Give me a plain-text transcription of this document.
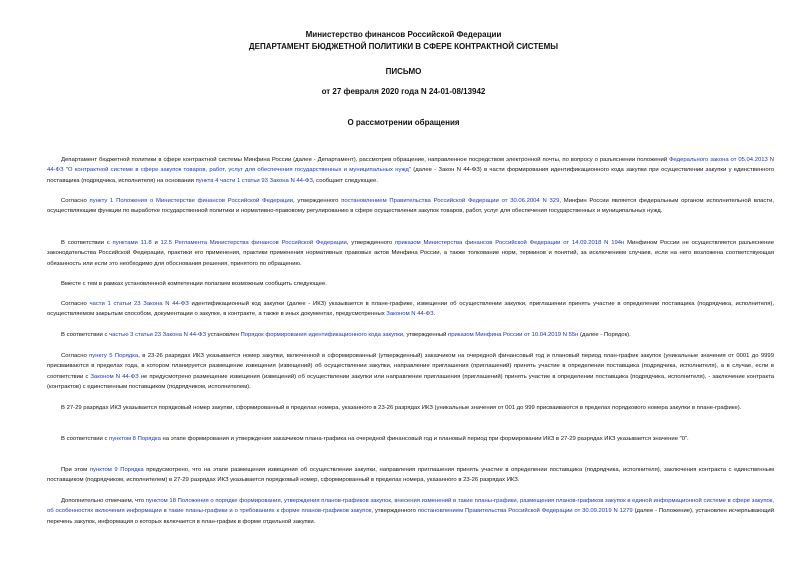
Министерство финансов Российской Федерации
ДЕПАРТАМЕНТ БЮДЖЕТНОЙ ПОЛИТИКИ В СФЕРЕ КОНТРАКТНОЙ СИСТЕМЫ
ПИСЬМО
от 27 февраля 2020 года N 24-01-08/13942
О рассмотрении обращения

Департамент бюджетной политики в сфере контрактной системы Минфина России (далее - Департамент), рассмотрев обращение, направленное посредством электронной почты, по вопросу о разъяснении положений Федерального закона от 05.04.2013 N 44-ФЗ "О контрактной системе в сфере закупок товаров, работ, услуг для обеспечения государственных и муниципальных нужд" (далее - Закон N 44-ФЗ) в части формирования идентификационного кода закупки при осуществлении закупки у единственного поставщика (подрядчика, исполнителя) на основании пункта 4 части 1 статьи 93 Закона N 44-ФЗ, сообщает следующее.

Согласно пункту 1 Положения о Министерстве финансов Российской Федерации, утвержденного постановлением Правительства Российской Федерации от 30.06.2004 N 329, Минфин России является федеральным органом исполнительной власти, осуществляющим функции по выработке государственной политики и нормативно-правовому регулированию в сфере осуществления закупок товаров, работ, услуг для обеспечения государственных и муниципальных нужд.

В соответствии с пунктами 11.8 и 12.5 Регламента Министерства финансов Российской Федерации, утвержденного приказом Министерства финансов Российской Федерации от 14.09.2018 N 194н Минфином России не осуществляется разъяснение законодательства Российской Федерации, практики его применения, практики применения нормативных правовых актов Минфина России, а также толкование норм, терминов и понятий, за исключением случаев, если на него возложена соответствующая обязанность или если это необходимо для обоснования решения, принятого по обращению.

Вместе с тем в рамках установленной компетенции полагаем возможным сообщить следующее.

Согласно части 1 статьи 23 Закона N 44-ФЗ идентификационный код закупки (далее - ИКЗ) указывается в плане-графике, извещении об осуществлении закупки, приглашении принять участие в определении поставщика (подрядчика, исполнителя), осуществляемом закрытым способом, документации о закупке, в контракте, а также в иных документах, предусмотренных Законом N 44-ФЗ.

В соответствии с частью 3 статьи 23 Закона N 44-ФЗ установлен Порядок формирования идентификационного кода закупки, утвержденный приказом Минфина России от 10.04.2019 N 55н (далее - Порядок).

Согласно пункту 5 Порядка, в 23-26 разрядах ИКЗ указывается номер закупки, включенной в сформированный (утвержденный) заказчиком на очередной финансовый год и плановый период план-график закупок (уникальные значения от 0001 до 9999 присваиваются в пределах года, в котором планируется размещение извещения (извещений) об осуществлении закупки, направление приглашения (приглашений) принять участие в определении поставщика (подрядчика, исполнителя), а в случае, если в соответствии с Законом N 44-ФЗ не предусмотрено размещение извещения (извещений) об осуществлении закупки или направление приглашения (приглашений) принять участие в определении поставщика (подрядчика, исполнителя), - заключение контракта (контрактов) с единственным поставщиком (подрядчиком, исполнителем).

В 27-29 разрядах ИКЗ указывается порядковый номер закупки, сформированный в пределах номера, указанного в 23-26 разрядах ИКЗ (уникальные значения от 001 до 999 присваиваются в пределах порядкового номера закупки в плане-графике).

В соответствии с пунктом 8 Порядка на этапе формирования и утверждения заказчиком плана-графика на очередной финансовый год и плановый период при формировании ИКЗ в 27-29 разрядах ИКЗ указывается значение "0".

При этом пунктом 9 Порядка предусмотрено, что на этапе размещения извещения об осуществлении закупки, направления приглашения принять участие в определении поставщика (подрядчика, исполнителя), заключения контракта с единственным поставщиком (подрядчиком, исполнителем) в 27-29 разрядах ИКЗ указывается порядковый номер, сформированный в пределах номера, указанного в 23-26 разрядах ИКЗ.

Дополнительно отмечаем, что пунктом 18 Положения о порядке формирования, утверждения планов-графиков закупок, внесения изменений в такие планы-графики, размещения планов-графиков закупок в единой информационной системе в сфере закупок, об особенностях включения информации в такие планы-графики и о требованиях к форме планов-графиков закупок, утвержденного постановлением Правительства Российской Федерации от 30.09.2019 N 1279 (далее - Положение), установлен исчерпывающий перечень закупок, информация о которых включается в план-график в форме отдельной закупки.
